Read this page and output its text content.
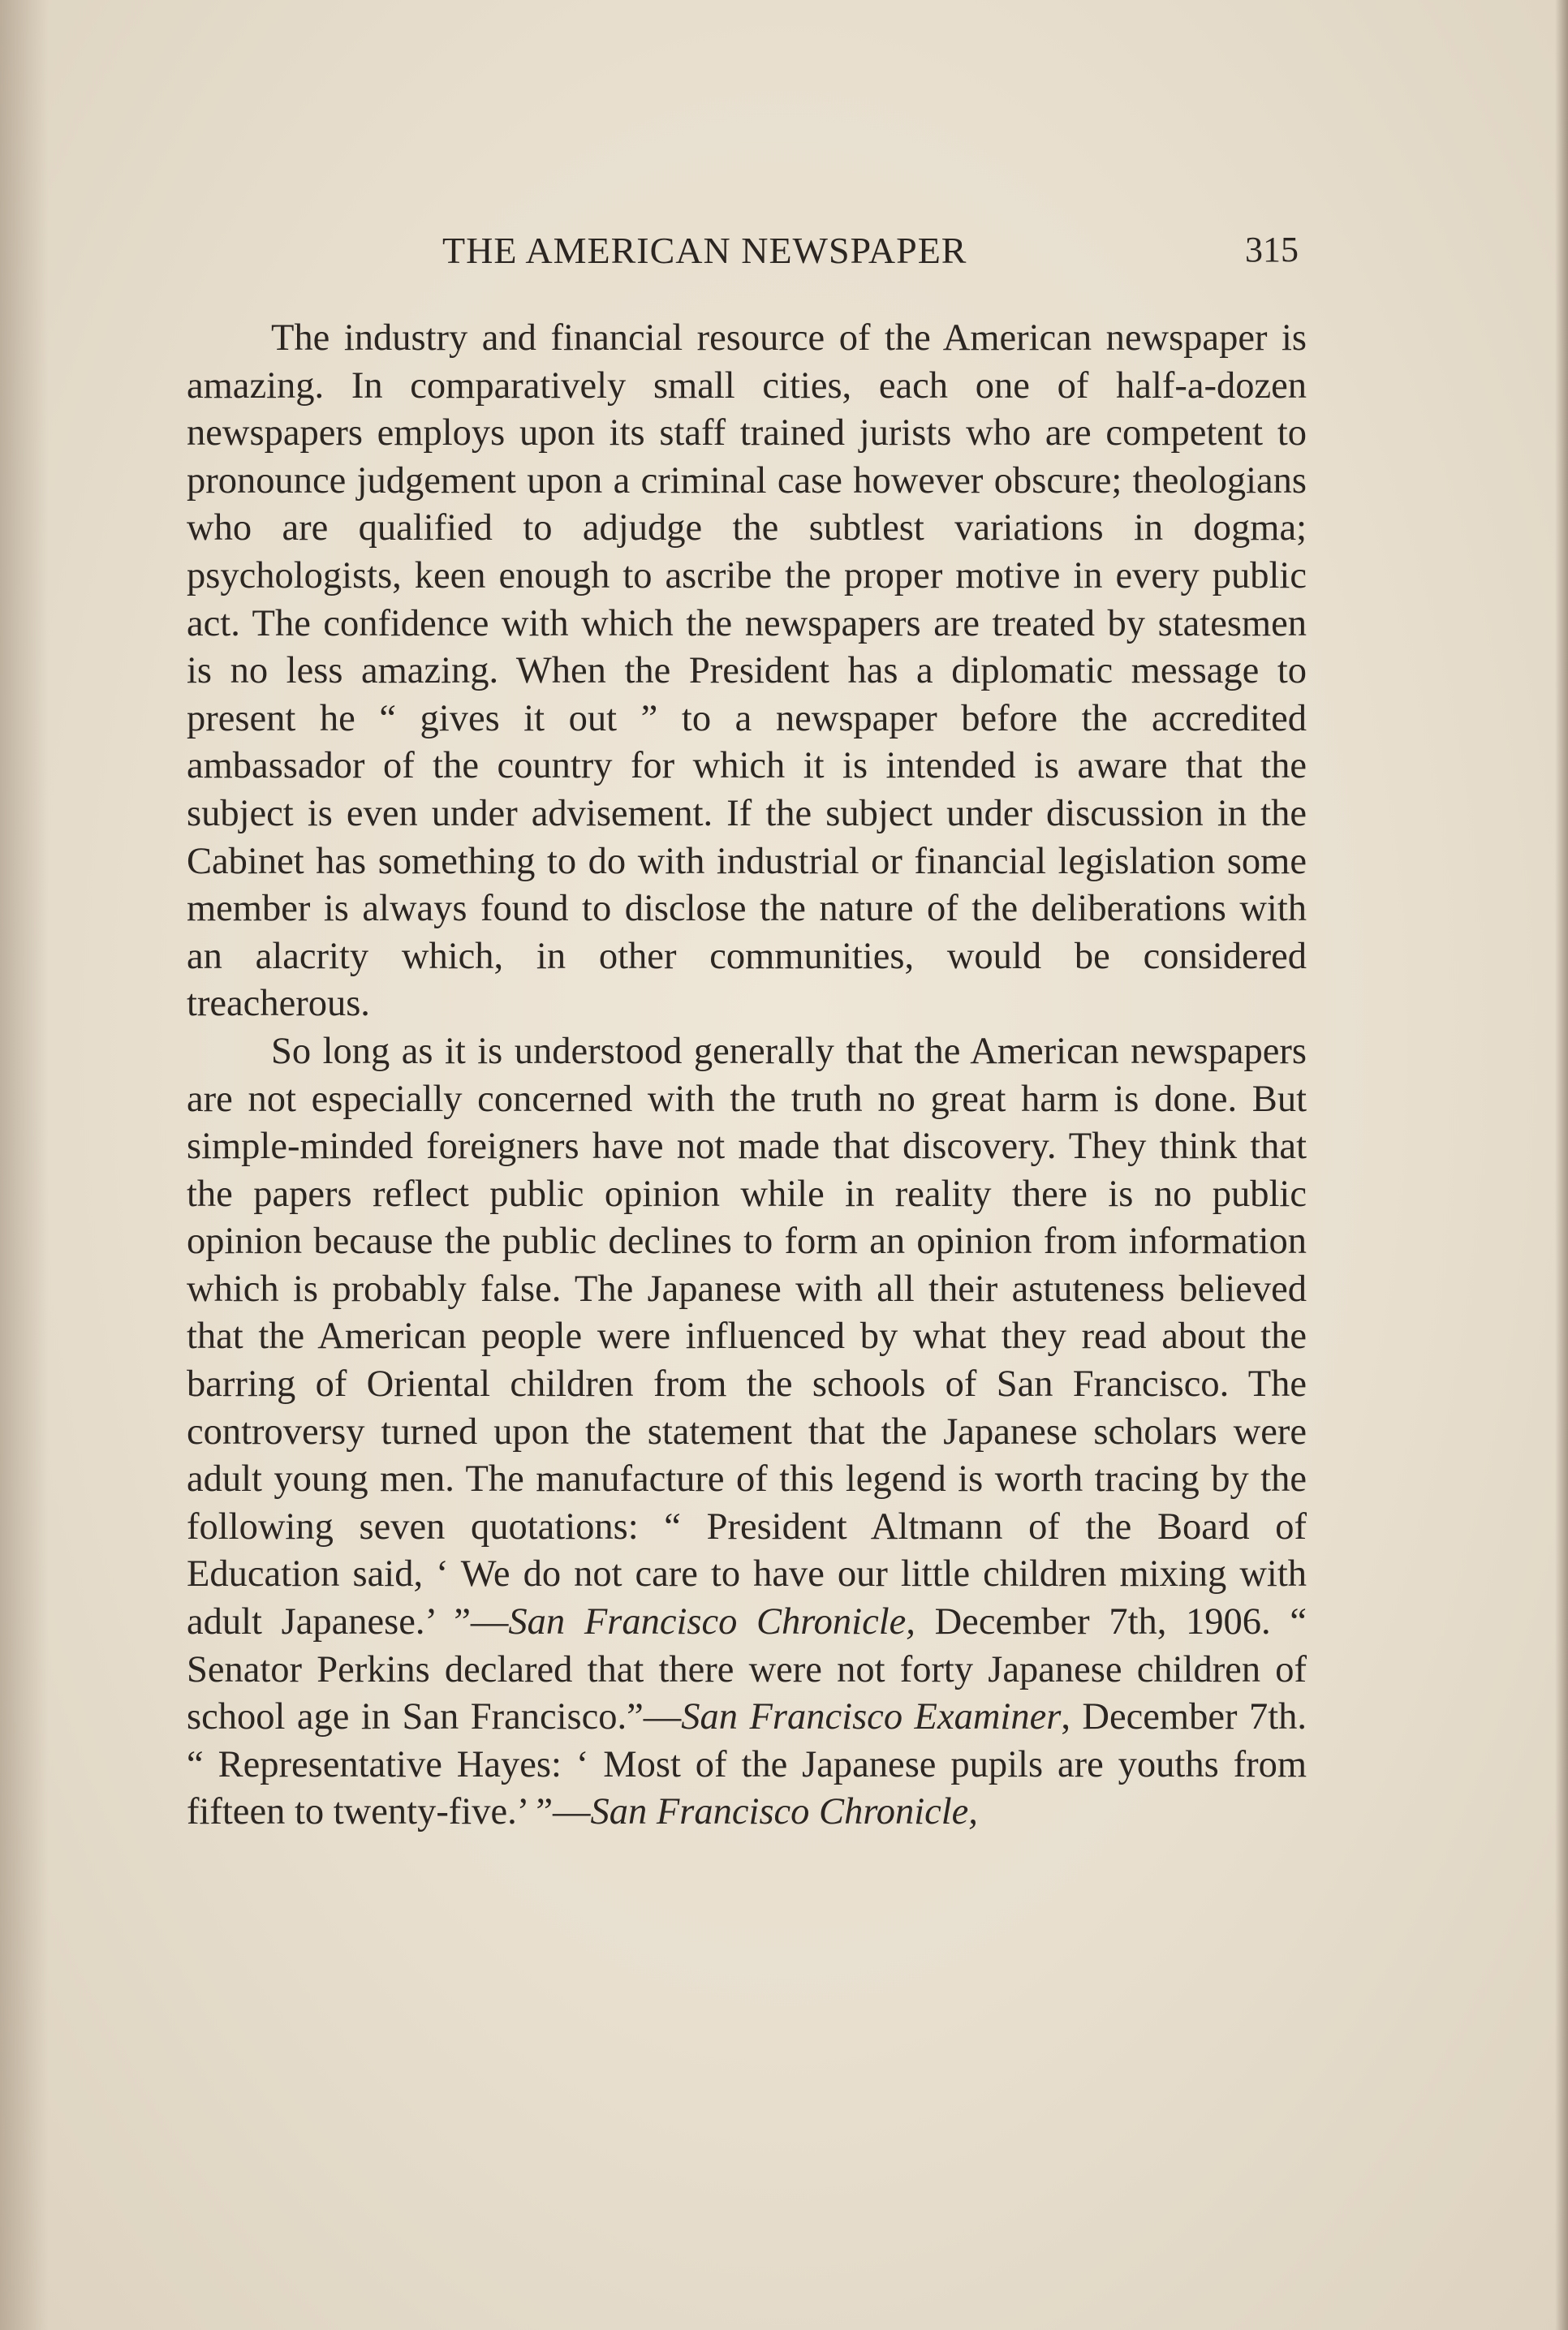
THE AMERICAN NEWSPAPER	315

The industry and financial resource of the American newspaper is amazing. In comparatively small cities, each one of half-a-dozen newspapers employs upon its staff trained jurists who are competent to pronounce judgement upon a criminal case however obscure; theologians who are qualified to adjudge the subtlest variations in dogma; psychologists, keen enough to ascribe the proper motive in every public act. The confidence with which the newspapers are treated by statesmen is no less amazing. When the President has a diplomatic message to present he “ gives it out ” to a newspaper before the accredited ambassador of the country for which it is intended is aware that the subject is even under advisement. If the subject under discussion in the Cabinet has something to do with industrial or financial legislation some member is always found to disclose the nature of the deliberations with an alacrity which, in other communities, would be considered treacherous.

So long as it is understood generally that the American newspapers are not especially concerned with the truth no great harm is done. But simple-minded foreigners have not made that discovery. They think that the papers reflect public opinion while in reality there is no public opinion because the public declines to form an opinion from information which is probably false. The Japanese with all their astuteness believed that the American people were influenced by what they read about the barring of Oriental children from the schools of San Francisco. The controversy turned upon the statement that the Japanese scholars were adult young men. The manufacture of this legend is worth tracing by the following seven quotations: “ President Altmann of the Board of Education said, ‘ We do not care to have our little children mixing with adult Japanese.’ ”—San Francisco Chronicle, December 7th, 1906. “ Senator Perkins declared that there were not forty Japanese children of school age in San Francisco.”—San Francisco Examiner, December 7th. “ Representative Hayes: ‘ Most of the Japanese pupils are youths from fifteen to twenty-five.’ ”—San Francisco Chronicle,
